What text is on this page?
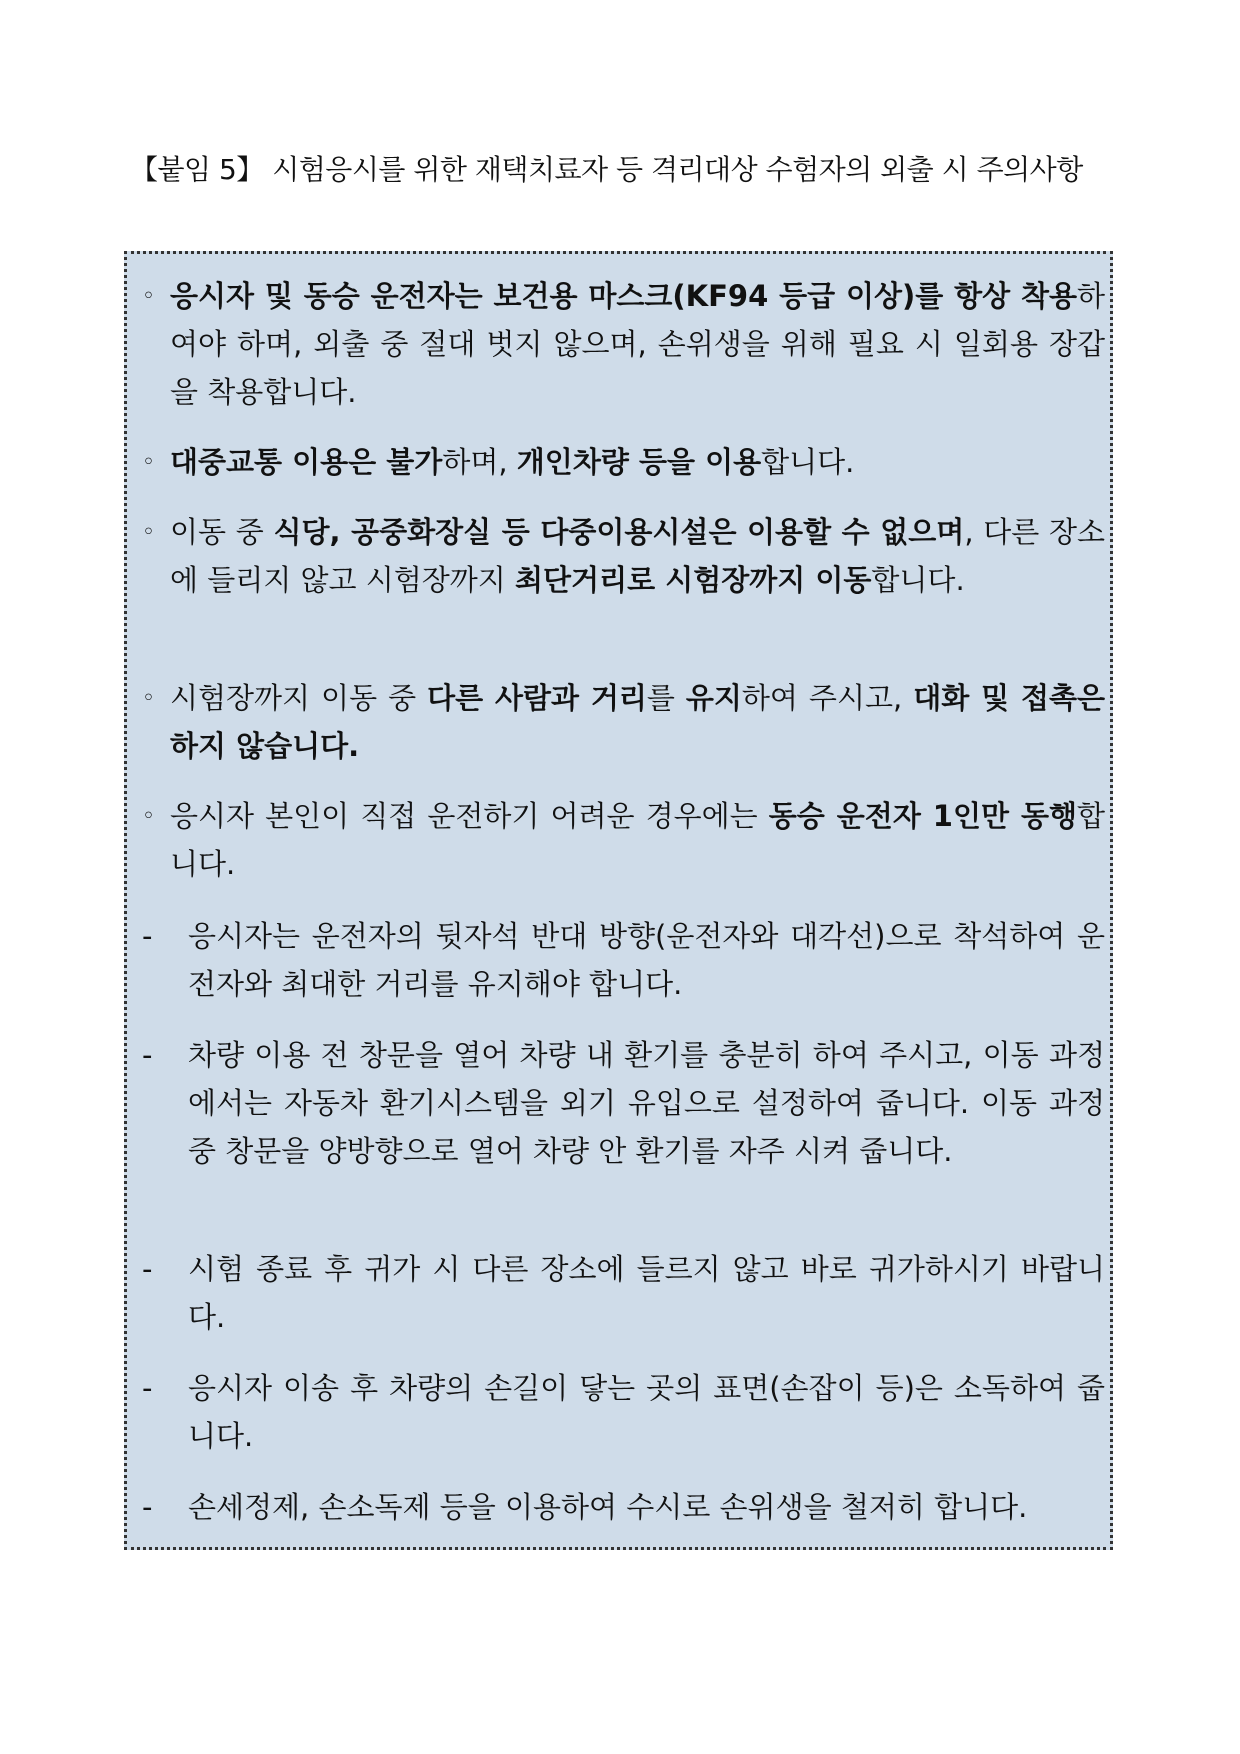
【붙임 5】 시험응시를 위한 재택치료자 등 격리대상 수험자의 외출 시 주의사항
◦ 응시자 및 동승 운전자는 보건용 마스크(KF94 등급 이상)를 항상 착용하여야 하며, 외출 중 절대 벗지 않으며, 손위생을 위해 필요 시 일회용 장갑을 착용합니다.
◦ 대중교통 이용은 불가하며, 개인차량 등을 이용합니다.
◦ 이동 중 식당, 공중화장실 등 다중이용시설은 이용할 수 없으며, 다른 장소에 들리지 않고 시험장까지 최단거리로 시험장까지 이동합니다.
◦ 시험장까지 이동 중 다른 사람과 거리를 유지하여 주시고, 대화 및 접촉은 하지 않습니다.
◦ 응시자 본인이 직접 운전하기 어려운 경우에는 동승 운전자 1인만 동행합니다.
-	응시자는 운전자의 뒷자석 반대 방향(운전자와 대각선)으로 착석하여 운전자와 최대한 거리를 유지해야 합니다.
-	차량 이용 전 창문을 열어 차량 내 환기를 충분히 하여 주시고, 이동 과정에서는 자동차 환기시스템을 외기 유입으로 설정하여 줍니다. 이동 과정 중 창문을 양방향으로 열어 차량 안 환기를 자주 시켜 줍니다.
-	시험 종료 후 귀가 시 다른 장소에 들르지 않고 바로 귀가하시기 바랍니다.
-	응시자 이송 후 차량의 손길이 닿는 곳의 표면(손잡이 등)은 소독하여 줍니다.
-	손세정제, 손소독제 등을 이용하여 수시로 손위생을 철저히 합니다.
